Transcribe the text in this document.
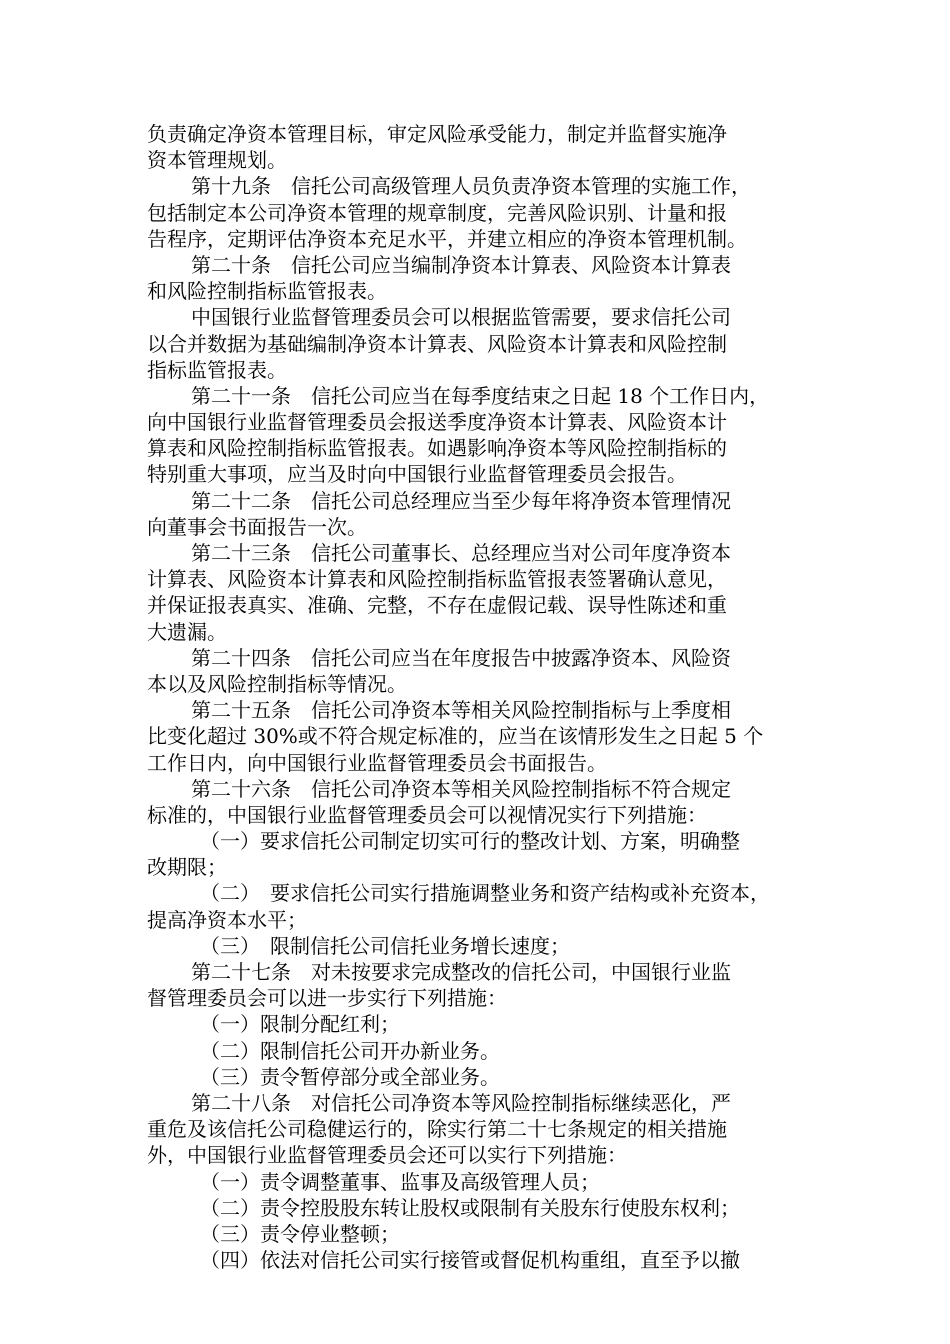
负责确定净资本管理目标，审定风险承受能力，制定并监督实施净
资本管理规划。
第十九条　信托公司高级管理人员负责净资本管理的实施工作，
包括制定本公司净资本管理的规章制度，完善风险识别、计量和报
告程序，定期评估净资本充足水平，并建立相应的净资本管理机制。
第二十条　信托公司应当编制净资本计算表、风险资本计算表
和风险控制指标监管报表。
中国银行业监督管理委员会可以根据监管需要，要求信托公司
以合并数据为基础编制净资本计算表、风险资本计算表和风险控制
指标监管报表。
第二十一条　信托公司应当在每季度结束之日起 18 个工作日内，
向中国银行业监督管理委员会报送季度净资本计算表、风险资本计
算表和风险控制指标监管报表。如遇影响净资本等风险控制指标的
特别重大事项，应当及时向中国银行业监督管理委员会报告。
第二十二条　信托公司总经理应当至少每年将净资本管理情况
向董事会书面报告一次。
第二十三条　信托公司董事长、总经理应当对公司年度净资本
计算表、风险资本计算表和风险控制指标监管报表签署确认意见，
并保证报表真实、准确、完整，不存在虚假记载、误导性陈述和重
大遗漏。
第二十四条　信托公司应当在年度报告中披露净资本、风险资
本以及风险控制指标等情况。
第二十五条　信托公司净资本等相关风险控制指标与上季度相
比变化超过 30%或不符合规定标准的，应当在该情形发生之日起 5 个
工作日内，向中国银行业监督管理委员会书面报告。
第二十六条　信托公司净资本等相关风险控制指标不符合规定
标准的，中国银行业监督管理委员会可以视情况实行下列措施：
（一）要求信托公司制定切实可行的整改计划、方案，明确整
改期限；
（二）　要求信托公司实行措施调整业务和资产结构或补充资本，
提高净资本水平；
（三）　限制信托公司信托业务增长速度；
第二十七条　对未按要求完成整改的信托公司，中国银行业监
督管理委员会可以进一步实行下列措施：
（一）限制分配红利；
（二）限制信托公司开办新业务。
（三）责令暂停部分或全部业务。
第二十八条　对信托公司净资本等风险控制指标继续恶化，严
重危及该信托公司稳健运行的，除实行第二十七条规定的相关措施
外，中国银行业监督管理委员会还可以实行下列措施：
（一）责令调整董事、监事及高级管理人员；
（二）责令控股股东转让股权或限制有关股东行使股东权利；
（三）责令停业整顿；
（四）依法对信托公司实行接管或督促机构重组，直至予以撤
